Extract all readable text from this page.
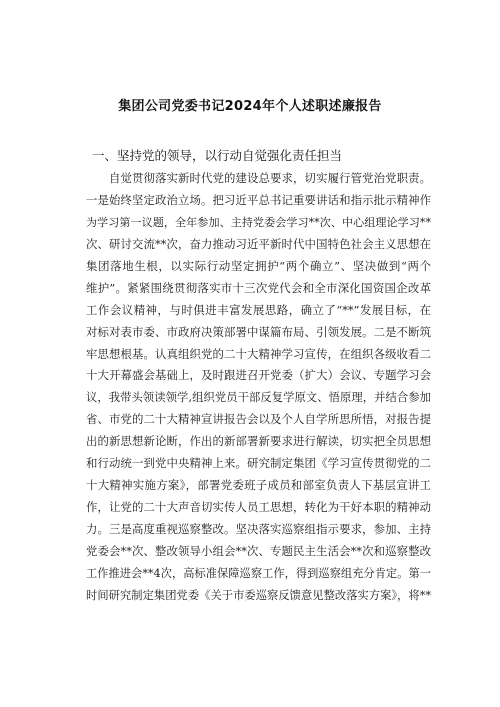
集团公司党委书记2024年个人述职述廉报告
一、坚持党的领导，以行动自觉强化责任担当
自觉贯彻落实新时代党的建设总要求，切实履行管党治党职责。
一是始终坚定政治立场。把习近平总书记重要讲话和指示批示精神作
为学习第一议题，全年参加、主持党委会学习**次、中心组理论学习**
次、研讨交流**次，奋力推动习近平新时代中国特色社会主义思想在
集团落地生根，以实际行动坚定拥护“两个确立”、坚决做到“两个
维护”。紧紧围绕贯彻落实市十三次党代会和全市深化国资国企改革
工作会议精神，与时俱进丰富发展思路，确立了“**”发展目标，在
对标对表市委、市政府决策部署中谋篇布局、引领发展。二是不断筑
牢思想根基。认真组织党的二十大精神学习宣传，在组织各级收看二
十大开幕盛会基础上，及时跟进召开党委（扩大）会议、专题学习会
议，我带头领读领学,组织党员干部反复学原文、悟原理，并结合参加
省、市党的二十大精神宣讲报告会以及个人自学所思所悟，对报告提
出的新思想新论断，作出的新部署新要求进行解读，切实把全员思想
和行动统一到党中央精神上来。研究制定集团《学习宣传贯彻党的二
十大精神实施方案》，部署党委班子成员和部室负责人下基层宣讲工
作，让党的二十大声音切实传人员工思想，转化为干好本职的精神动
力。三是高度重视巡察整改。坚决落实巡察组指示要求，参加、主持
党委会**次、整改领导小组会**次、专题民主生活会**次和巡察整改
工作推进会**4次，高标准保障巡察工作，得到巡察组充分肯定。第一
时间研究制定集团党委《关于市委巡察反馈意见整改落实方案》，将**
